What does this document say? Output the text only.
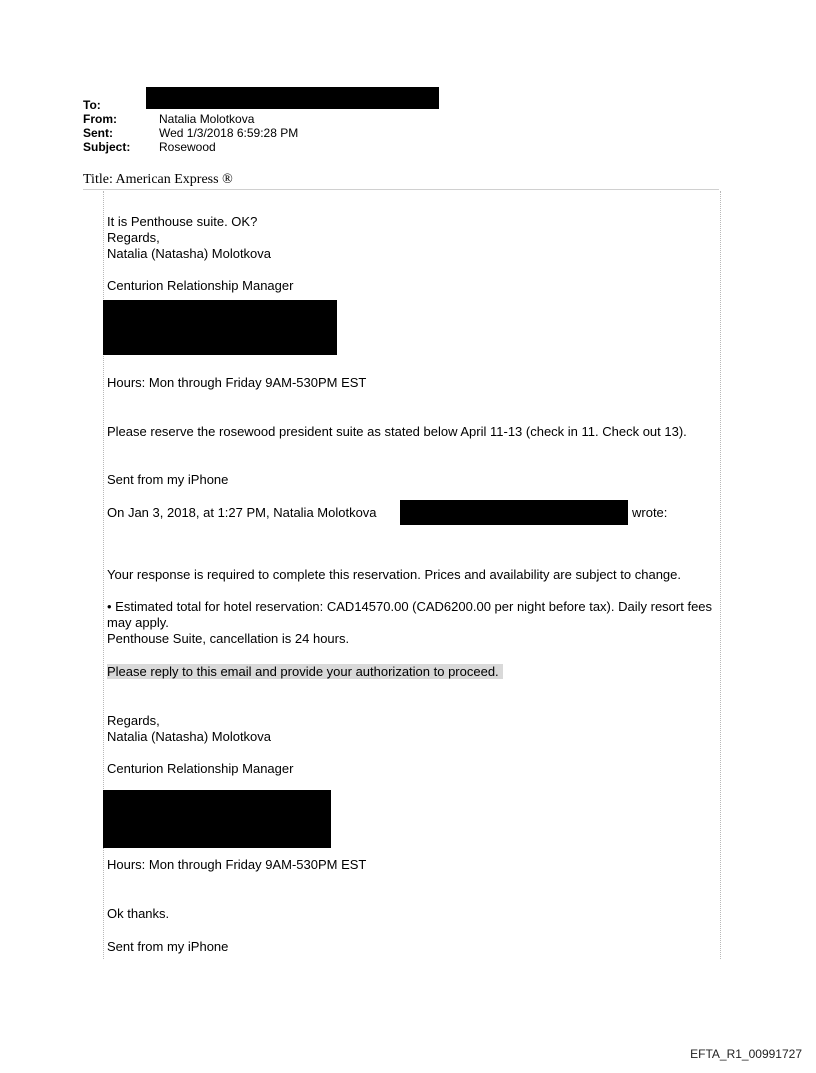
To:
From:	Natalia Molotkova
Sent:	Wed 1/3/2018 6:59:28 PM
Subject:	Rosewood
Title: American Express ®
It is Penthouse suite. OK?
Regards,
Natalia (Natasha) Molotkova
Centurion Relationship Manager
Hours: Mon through Friday 9AM-530PM EST
Please reserve the rosewood president suite as stated below April 11-13 (check in 11. Check out 13).
Sent from my iPhone
On Jan 3, 2018, at 1:27 PM, Natalia Molotkova	wrote:
Your response is required to complete this reservation. Prices and availability are subject to change.
• Estimated total for hotel reservation: CAD14570.00 (CAD6200.00 per night before tax). Daily resort fees may apply.
Penthouse Suite, cancellation is 24 hours.
Please reply to this email and provide your authorization to proceed.
Regards,
Natalia (Natasha) Molotkova
Centurion Relationship Manager
Hours: Mon through Friday 9AM-530PM EST
Ok thanks.
Sent from my iPhone
EFTA_R1_00991727
